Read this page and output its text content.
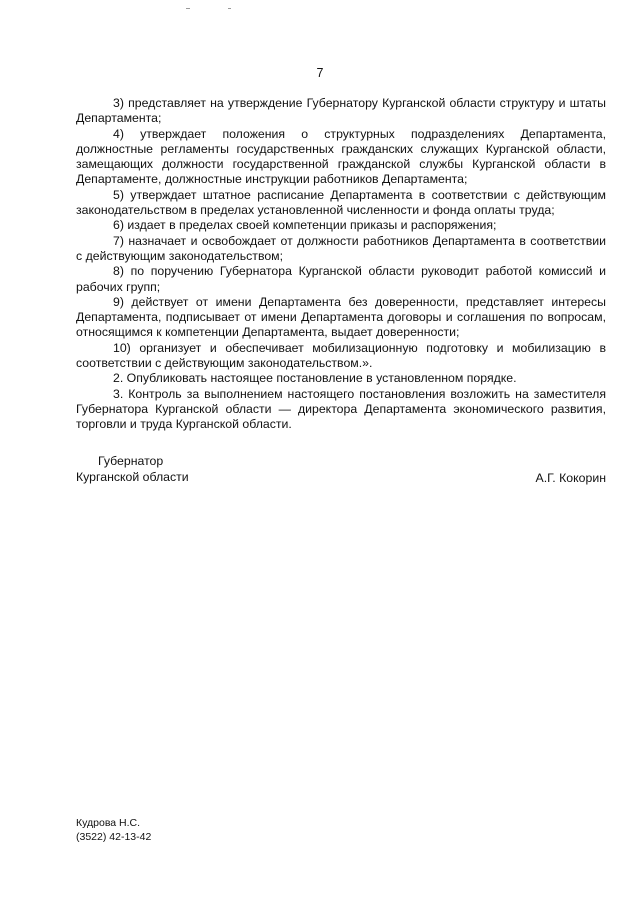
7

3) представляет на утверждение Губернатору Курганской области структуру и штаты Департамента;

4) утверждает положения о структурных подразделениях Департамента, должностные регламенты государственных гражданских служащих Курганской области, замещающих должности государственной гражданской службы Курганской области в Департаменте, должностные инструкции работников Департамента;

5) утверждает штатное расписание Департамента в соответствии с действующим законодательством в пределах установленной численности и фонда оплаты труда;

6) издает в пределах своей компетенции приказы и распоряжения;

7) назначает и освобождает от должности работников Департамента в соответствии с действующим законодательством;

8) по поручению Губернатора Курганской области руководит работой комиссий и рабочих групп;

9) действует от имени Департамента без доверенности, представляет интересы Департамента, подписывает от имени Департамента договоры и соглашения по вопросам, относящимся к компетенции Департамента, выдает доверенности;

10) организует и обеспечивает мобилизационную подготовку и мобилизацию в соответствии с действующим законодательством.».

2. Опубликовать настоящее постановление в установленном порядке.

3. Контроль за выполнением настоящего постановления возложить на заместителя Губернатора Курганской области — директора Департамента экономического развития, торговли и труда Курганской области.

Губернатор
Курганской области	А.Г. Кокорин
Кудрова Н.С.
(3522) 42-13-42
